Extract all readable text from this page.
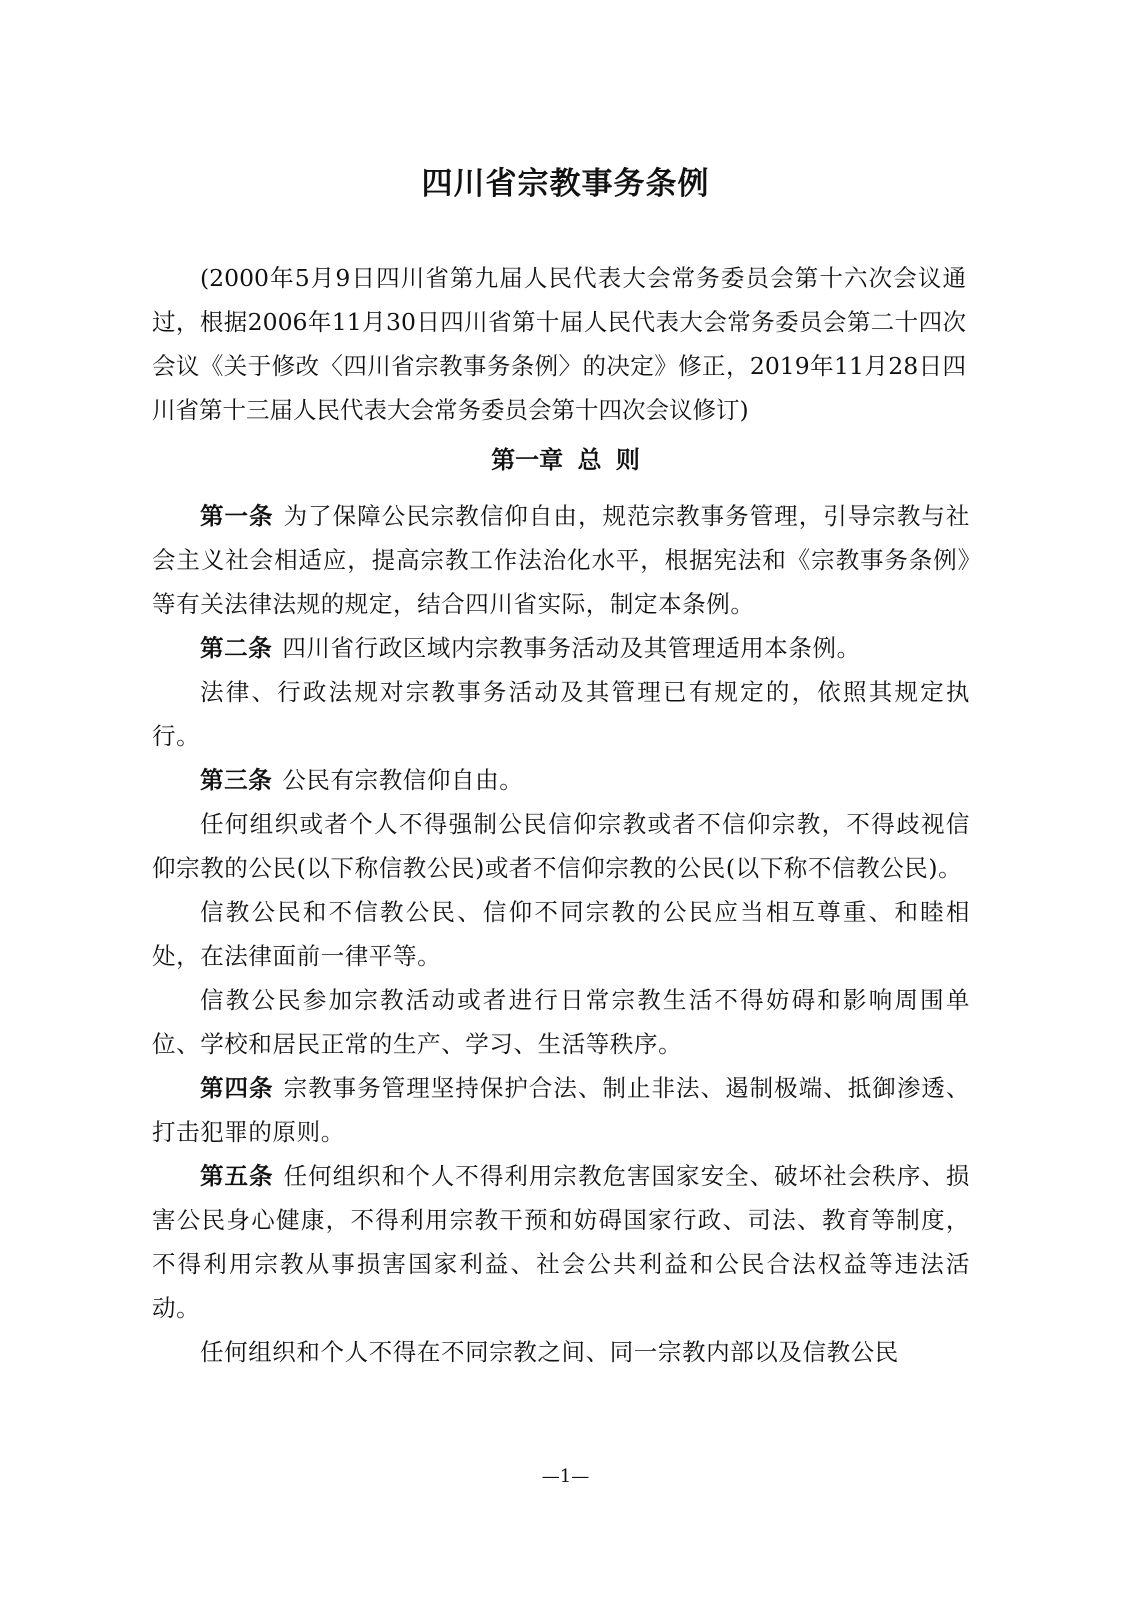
四川省宗教事务条例

(2000年5月9日四川省第九届人民代表大会常务委员会第十六次会议通过，根据2006年11月30日四川省第十届人民代表大会常务委员会第二十四次会议《关于修改〈四川省宗教事务条例〉的决定》修正，2019年11月28日四川省第十三届人民代表大会常务委员会第十四次会议修订)

第一章 总 则

第一条 为了保障公民宗教信仰自由，规范宗教事务管理，引导宗教与社会主义社会相适应，提高宗教工作法治化水平，根据宪法和《宗教事务条例》等有关法律法规的规定，结合四川省实际，制定本条例。

第二条 四川省行政区域内宗教事务活动及其管理适用本条例。

法律、行政法规对宗教事务活动及其管理已有规定的，依照其规定执行。

第三条 公民有宗教信仰自由。

任何组织或者个人不得强制公民信仰宗教或者不信仰宗教，不得歧视信仰宗教的公民(以下称信教公民)或者不信仰宗教的公民(以下称不信教公民)。

信教公民和不信教公民、信仰不同宗教的公民应当相互尊重、和睦相处，在法律面前一律平等。

信教公民参加宗教活动或者进行日常宗教生活不得妨碍和影响周围单位、学校和居民正常的生产、学习、生活等秩序。

第四条 宗教事务管理坚持保护合法、制止非法、遏制极端、抵御渗透、打击犯罪的原则。

第五条 任何组织和个人不得利用宗教危害国家安全、破坏社会秩序、损害公民身心健康，不得利用宗教干预和妨碍国家行政、司法、教育等制度，不得利用宗教从事损害国家利益、社会公共利益和公民合法权益等违法活动。

任何组织和个人不得在不同宗教之间、同一宗教内部以及信教公民

—1—
